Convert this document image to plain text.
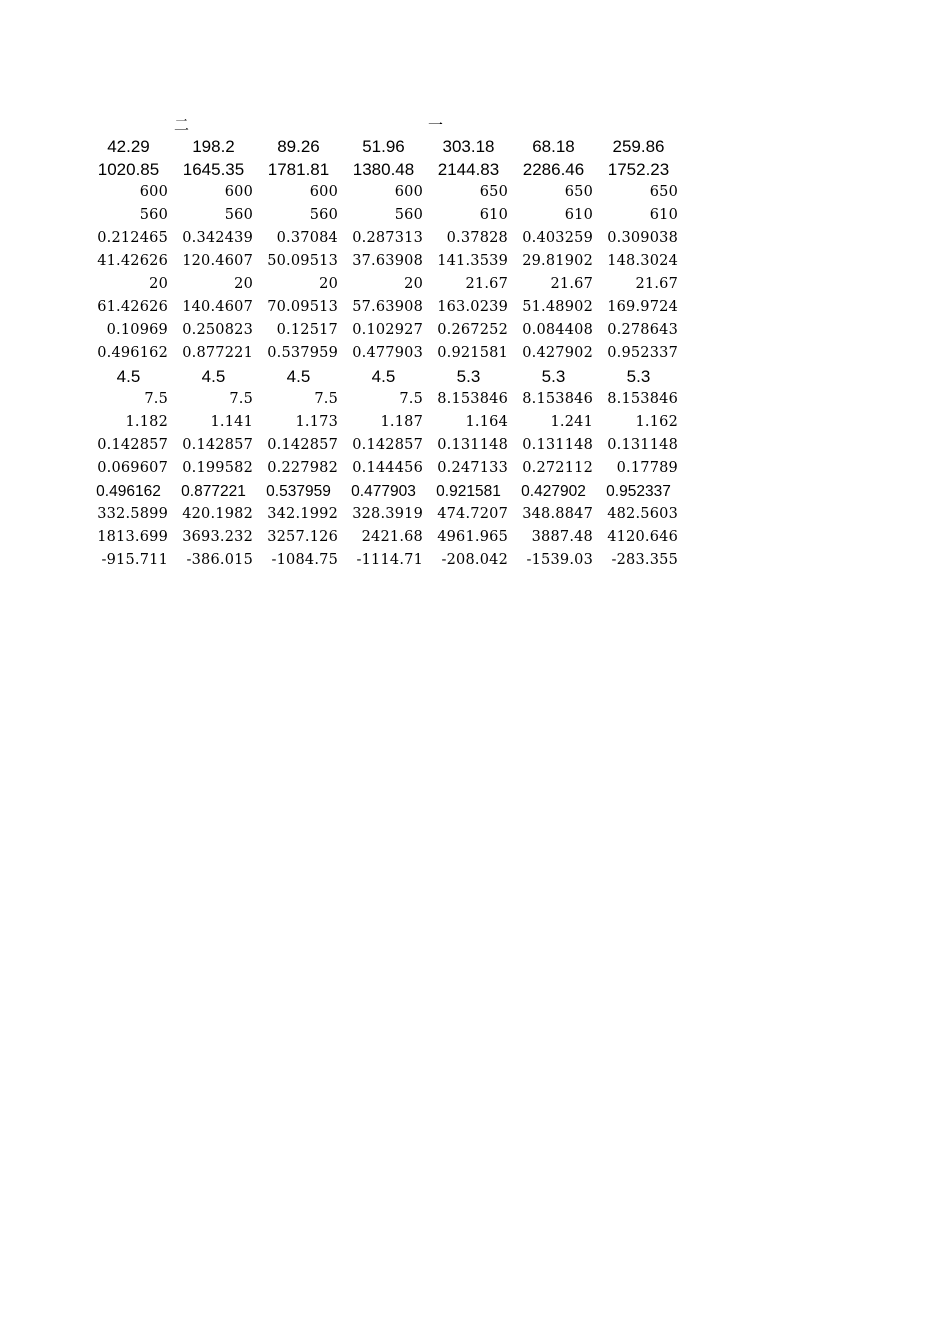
二	一
42.29	198.2	89.26	51.96	303.18	68.18	259.86
1020.85	1645.35	1781.81	1380.48	2144.83	2286.46	1752.23
600	600	600	600	650	650	650
560	560	560	560	610	610	610
0.212465 0.342439	0.37084 0.287313	0.37828 0.403259 0.309038
41.42626 120.4607 50.09513 37.63908 141.3539 29.81902 148.3024
20	20	20	20	21.67	21.67	21.67
61.42626 140.4607 70.09513 57.63908 163.0239 51.48902 169.9724
0.10969 0.250823	0.12517 0.102927 0.267252 0.084408 0.278643
0.496162 0.877221 0.537959 0.477903 0.921581 0.427902 0.952337
4.5	4.5	4.5	4.5	5.3	5.3	5.3
7.5	7.5	7.5	7.5 8.153846 8.153846 8.153846
1.182	1.141	1.173	1.187	1.164	1.241	1.162
0.142857 0.142857 0.142857 0.142857 0.131148 0.131148 0.131148
0.069607 0.199582 0.227982 0.144456 0.247133 0.272112	0.17789
0.496162	0.877221	0.537959	0.477903	0.921581	0.427902	0.952337
332.5899 420.1982 342.1992 328.3919 474.7207 348.8847 482.5603
1813.699 3693.232 3257.126	2421.68 4961.965	3887.48 4120.646
-915.711	-386.015	-1084.75	-1114.71	-208.042	-1539.03	-283.355
